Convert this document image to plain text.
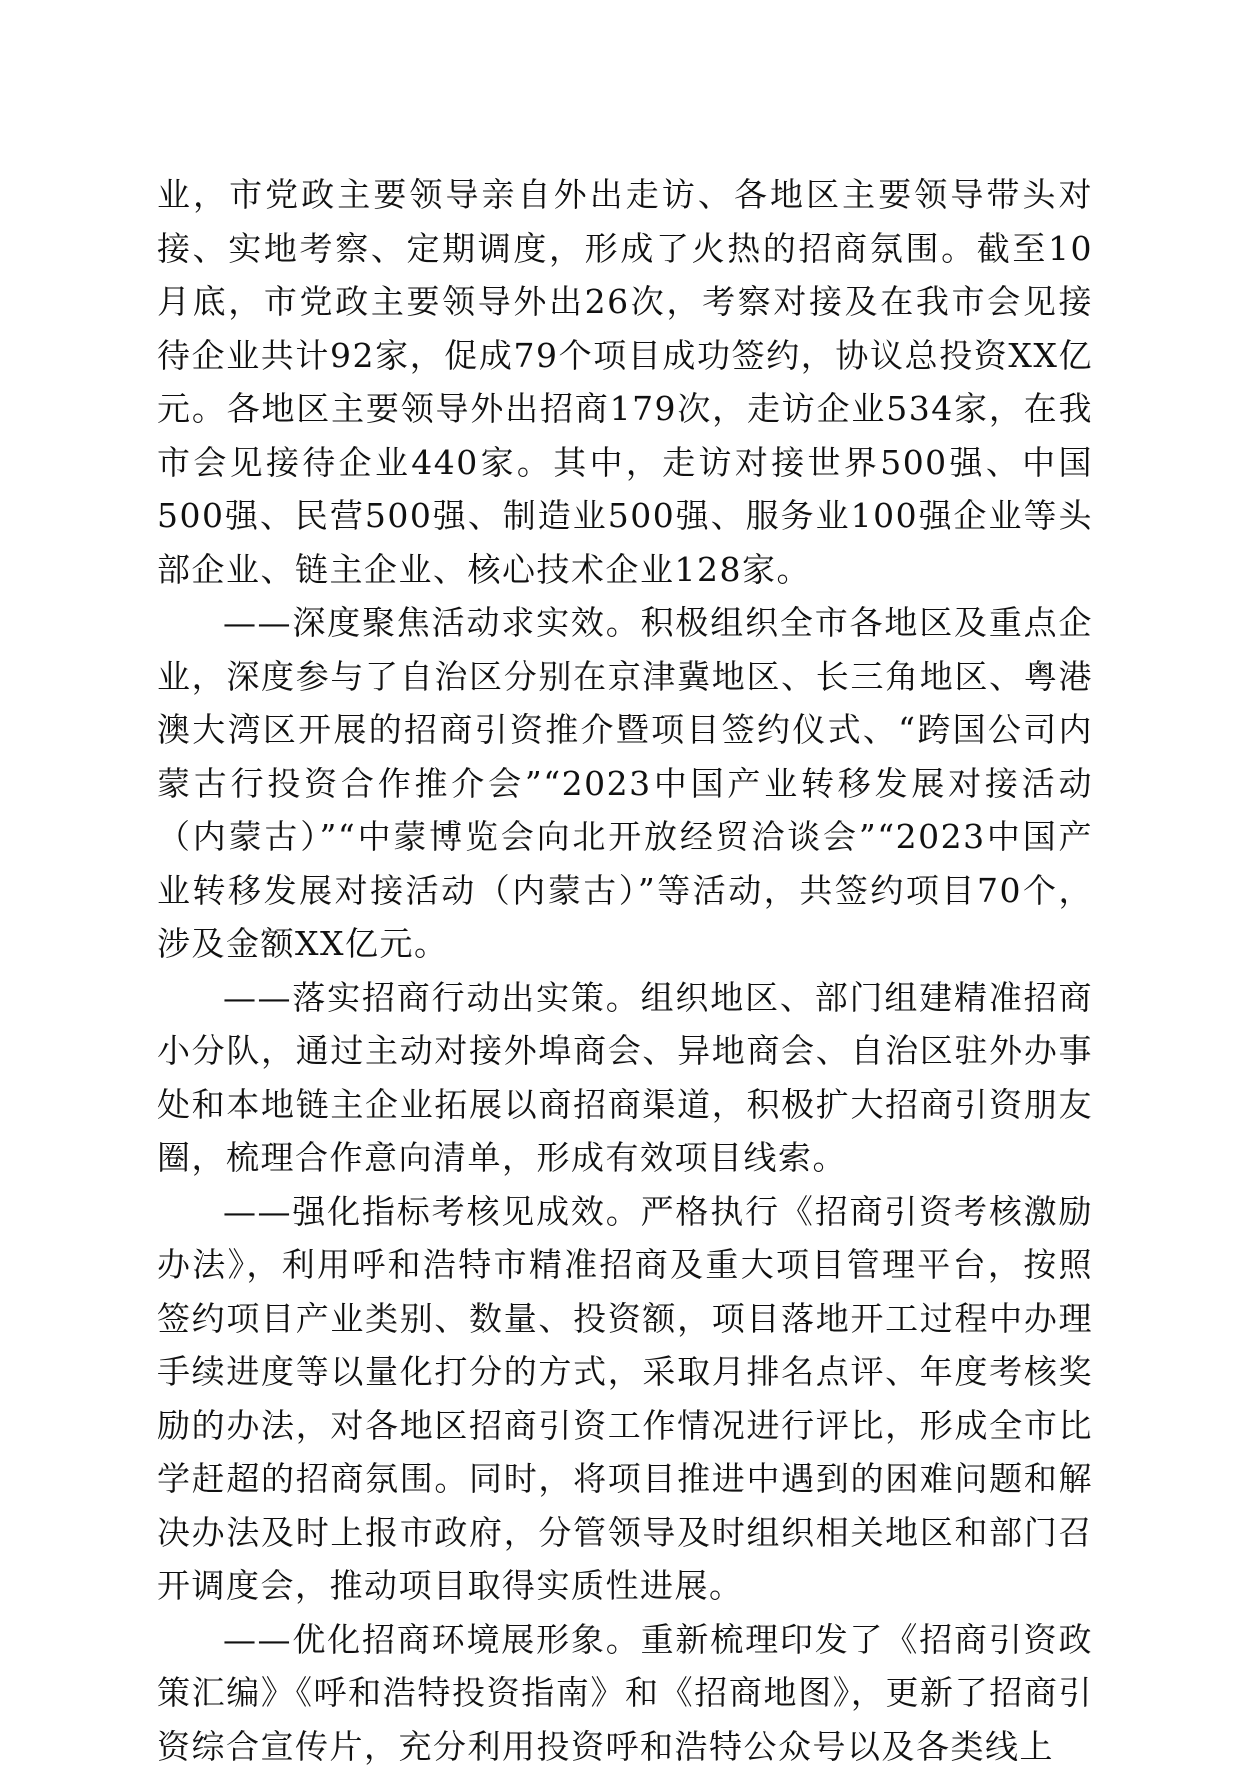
业，市党政主要领导亲自外出走访、各地区主要领导带头对接、实地考察、定期调度，形成了火热的招商氛围。截至10月底，市党政主要领导外出26次，考察对接及在我市会见接待企业共计92家，促成79个项目成功签约，协议总投资XX亿元。各地区主要领导外出招商179次，走访企业534家，在我市会见接待企业440家。其中，走访对接世界500强、中国500强、民营500强、制造业500强、服务业100强企业等头部企业、链主企业、核心技术企业128家。

——深度聚焦活动求实效。积极组织全市各地区及重点企业，深度参与了自治区分别在京津冀地区、长三角地区、粤港澳大湾区开展的招商引资推介暨项目签约仪式、“跨国公司内蒙古行投资合作推介会”“2023中国产业转移发展对接活动（内蒙古）”“中蒙博览会向北开放经贸洽谈会”“2023中国产业转移发展对接活动（内蒙古）”等活动，共签约项目70个，涉及金额XX亿元。

——落实招商行动出实策。组织地区、部门组建精准招商小分队，通过主动对接外埠商会、异地商会、自治区驻外办事处和本地链主企业拓展以商招商渠道，积极扩大招商引资朋友圈，梳理合作意向清单，形成有效项目线索。

——强化指标考核见成效。严格执行《招商引资考核激励办法》，利用呼和浩特市精准招商及重大项目管理平台，按照签约项目产业类别、数量、投资额，项目落地开工过程中办理手续进度等以量化打分的方式，采取月排名点评、年度考核奖励的办法，对各地区招商引资工作情况进行评比，形成全市比学赶超的招商氛围。同时，将项目推进中遇到的困难问题和解决办法及时上报市政府，分管领导及时组织相关地区和部门召开调度会，推动项目取得实质性进展。

——优化招商环境展形象。重新梳理印发了《招商引资政策汇编》《呼和浩特投资指南》和《招商地图》，更新了招商引资综合宣传片，充分利用投资呼和浩特公众号以及各类线上
